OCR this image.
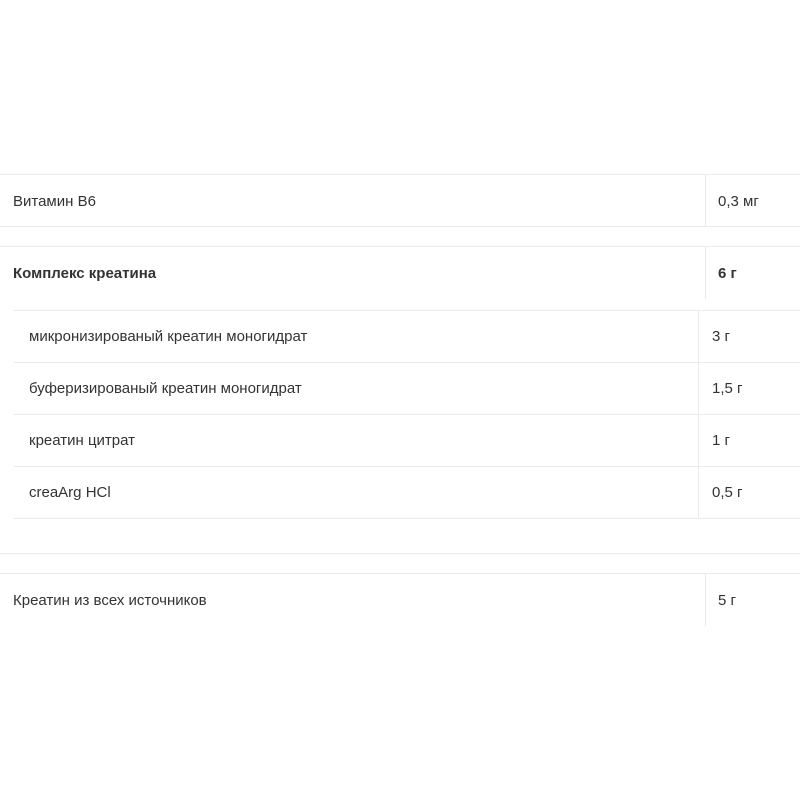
Витамин B6	0,3 мг
Комплекс креатина	6 г
микронизированый креатин моногидрат	3 г
буферизированый креатин моногидрат	1,5 г
креатин цитрат	1 г
creaArg HCl	0,5 г
Креатин из всех источников	5 г
